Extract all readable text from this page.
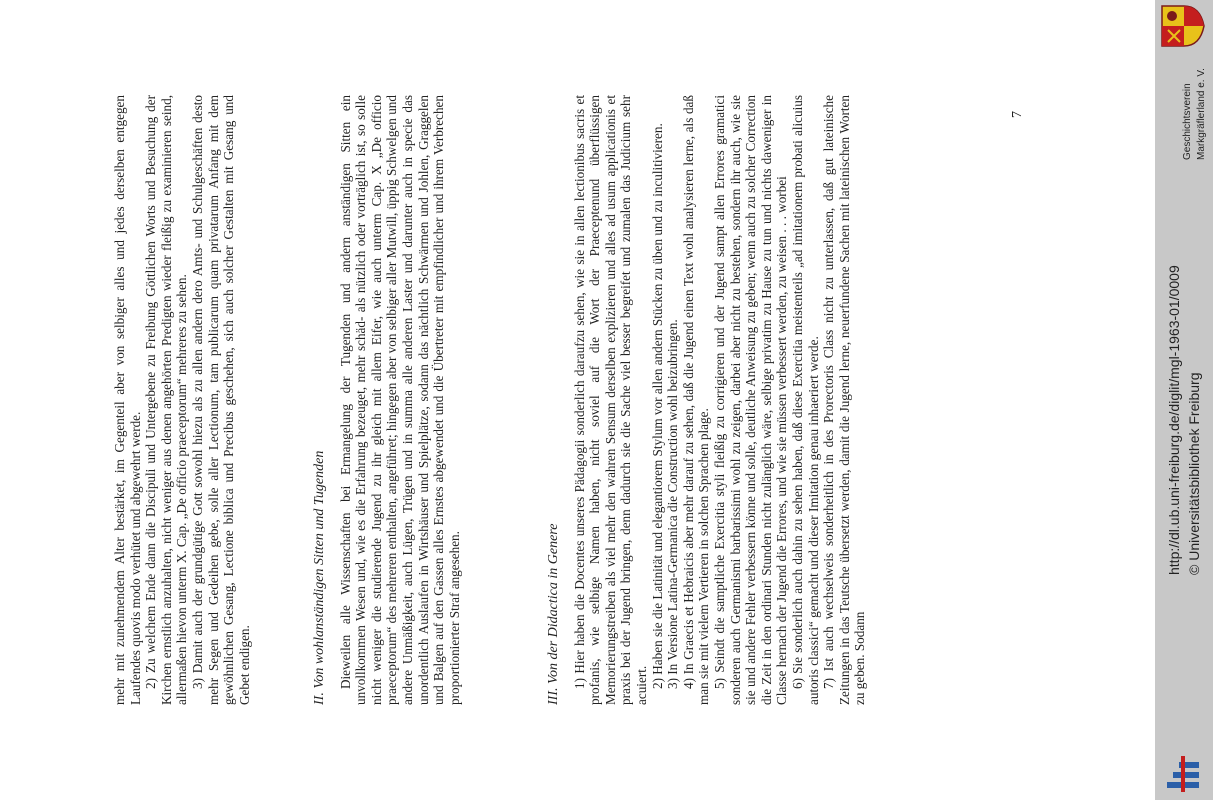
mehr mit zunehmendem Alter bestärket, im Gegenteil aber von selbiger alles und jedes derselben entgegen Laufendes quovis modo verhütet und abgewehrt werde. 2) Zu welchem Ende dann die Discipuli und Untergebene zu Freibung Göttlichen Worts und Besuchung der Kirchen ernstlich anzuhalten, nicht weniger aus denen angehörten Predigten wieder fleißig zu examinieren seind, allermaßen hievon unterm X. Cap. „De officio praeceptorum“ mehreres zu sehen. 3) Damit auch der grundgütige Gott sowohl hiezu als zu allen andern dero Amts- und Schulgeschäften desto mehr Segen und Gedeihen gebe, solle aller Lectionum, tam publicarum quam privatarum Anfang mit dem gewöhnlichen Gesang, Lectione biblica und Precibus geschehen, sich auch solcher Gestalten mit Gesang und Gebet endigen.	II. Von wohlanständigen Sitten und Tugenden Dieweilen alle Wissenschaften bei Ermangelung der Tugenden und andern anständigen Sitten ein unvollkommen Wesen und, wie es die Erfahrung bezeuget, mehr schäd- als nützlich oder vorträglich ist, so solle nicht weniger die studierende Jugend zu ihr gleich mit allem Eifer, wie auch unterm Cap. X „De officio praeceptorum“ des mehreren enthalten, angeführet; hingegen aber von selbiger aller Mutwill, üppig Schwelgen und andere Unmäßigkeit, auch Lügen, Trügen und in summa alle anderen Laster und darunter auch in specie das unordentlich Auslaufen in Wirtshäuser und Spielplätze, sodann das nächtlich Schwärmen und Johlen, Graggelen und Balgen auf den Gassen alles Ernstes abgewendet und die Übertreter mit empfindlicher und ihrem Verbrechen proportionierter Straf angesehen.	III. Von der Didactica in Genere 1) Hier haben die Docentes unseres Pädagogii sonderlich daraufzu sehen, wie sie in allen lectionibus sacris et profanis, wie selbige Namen haben, nicht soviel auf die Wort der Praeceptenund überflüssigen Memorierungstreiben als viel mehr den wahren Sensum derselben explizieren und alles ad usum applicationis et praxis bei der Jugend bringen, denn dadurch sie die Sache viel besser begreifet und zumalen das Judicium sehr acuiert. 2) Haben sie die Latinität und elegantiorem Stylum vor allen andern Stücken zu üben und zu inculitivieren. 3) In Versione Latina-Germanica die Construction wohl beizubringen. 4) In Graecis et Hebraicis aber mehr darauf zu sehen, daß die Jugend einen Text wohl analysieren lerne, als daß man sie mit vielem Vertieren in solchen Sprachen plage. 5) Seindt die samptliche Exercitia styli fleißig zu corrigieren und der Jugend sampt allen Errores gramatici sonderen auch Germanismi barbarissimi wohl zu zeigen, darbei aber nicht zu bestehen, sondern ihr auch, wie sie sie und andere Fehler verbessern könne und solle, deutliche Anweisung zu geben; wenn auch zu solcher Correction die Zeit in den ordinari Stunden nicht zulänglich wäre, selbige privatim zu Hause zu tun und nichts daweniger in Classe hernach der Jugend die Errores, und wie sie müssen verbessert werden, zu weisen . . . worbei 6) Sie sonderlich auch dahin zu sehen haben, daß diese Exercitia meistenteils „ad imitationem probati alicuius autoris classici“ gemacht und dieser Imitation genau inhaeriert werde. 7) Ist auch wechselweis sonderheitlich in des Prorectoris Class nicht zu unterlassen, daß gut lateinische Zeitungen in das Teutsche übersetzt werden, damit die Jugend lerne, neuerfundene Sachen mit lateinischen Worten zu geben. Sodann

7
http://dl.ub.uni-freiburg.de/diglit/mgl-1963-01/0009 © Universitätsbibliothek Freiburg
Geschichtsverein Markgräflerland e. V.
